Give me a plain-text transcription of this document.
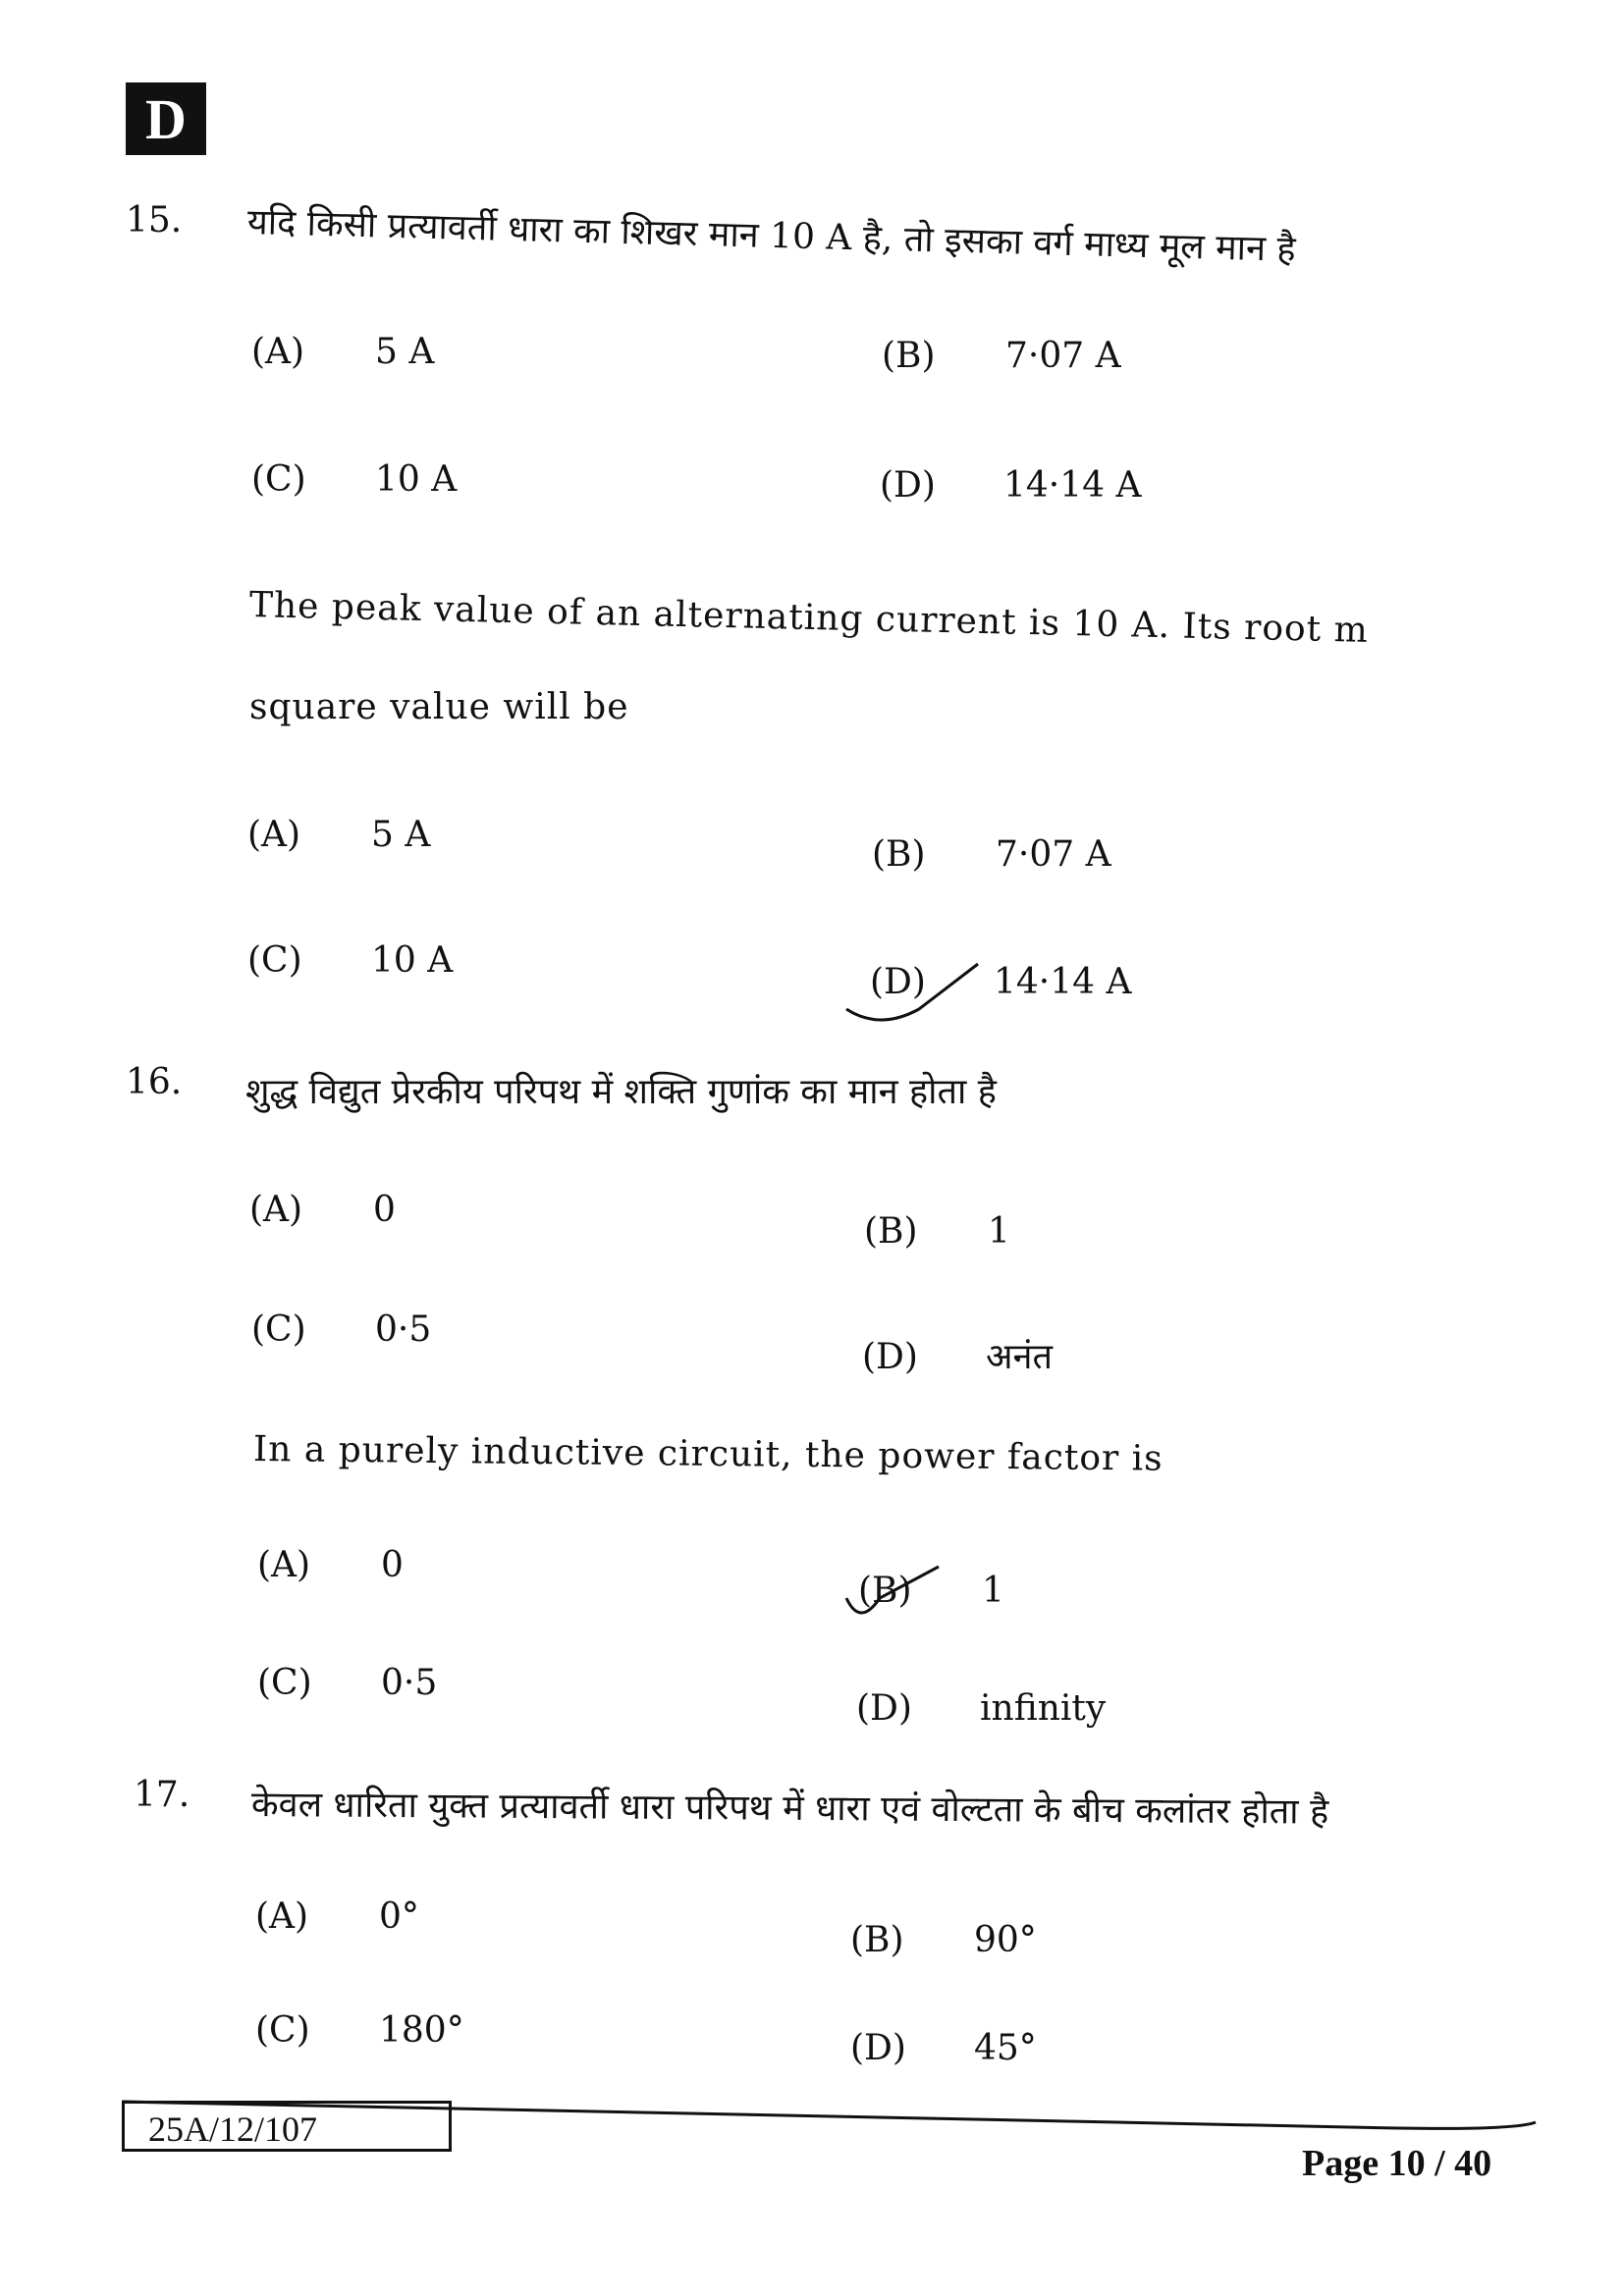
D
15. यदि किसी प्रत्यावर्ती धारा का शिखर मान 10 A है, तो इसका वर्ग माध्य मूल मान है
(A) 5 A	(B) 7·07 A
(C) 10 A	(D) 14·14 A
The peak value of an alternating current is 10 A. Its root m
square value will be
(A) 5 A	(B) 7·07 A
(C) 10 A
(D) 14·14 A
16. शुद्ध विद्युत प्रेरकीय परिपथ में शक्ति गुणांक का मान होता है
(A) 0
(B) 1
(C) 0·5
(D) अनंत
In a purely inductive circuit, the power factor is
(A) 0
(B) 1
(C) 0·5
(D) infinity
17. केवल धारिता युक्त प्रत्यावर्ती धारा परिपथ में धारा एवं वोल्टता के बीच कलांतर होता है
(A) 0°
(B) 90°
(C) 180°	(D) 45°
25A/12/107
Page 10 / 40
